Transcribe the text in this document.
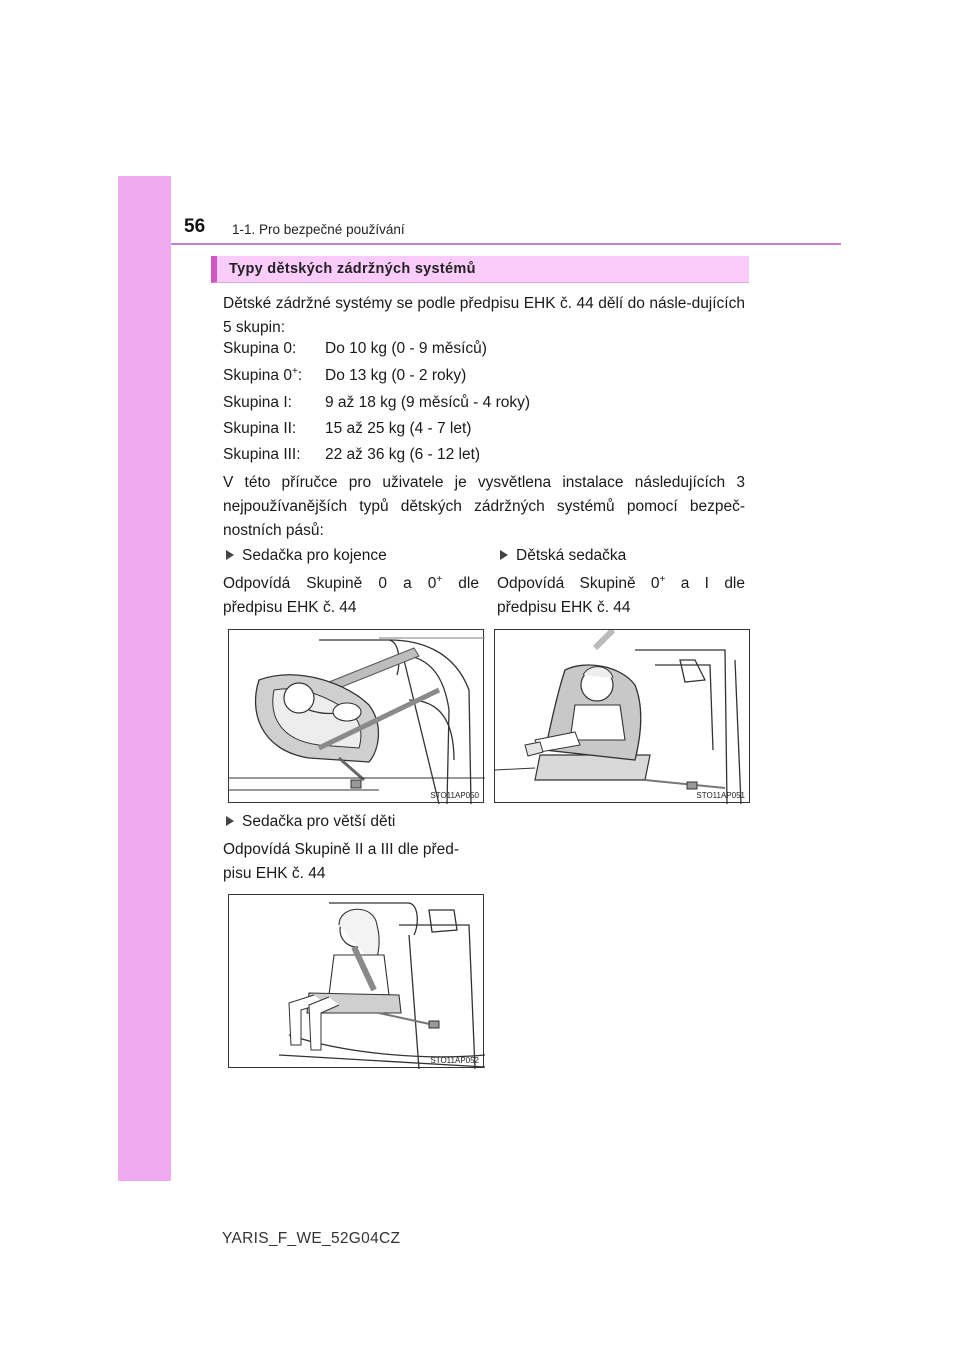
56 1-1. Pro bezpečné používání
Typy dětských zádržných systémů
Dětské zádržné systémy se podle předpisu EHK č. 44 dělí do násle-dujících 5 skupin:
Skupina 0: Do 10 kg (0 - 9 měsíců)
Skupina 0+: Do 13 kg (0 - 2 roky)
Skupina I: 9 až 18 kg (9 měsíců - 4 roky)
Skupina II: 15 až 25 kg (4 - 7 let)
Skupina III: 22 až 36 kg (6 - 12 let)
V této příručce pro uživatele je vysvětlena instalace následujících 3 nejpoužívanějších typů dětských zádržných systémů pomocí bezpeč-nostních pásů:
Sedačka pro kojence
Odpovídá Skupině 0 a 0+ dle
předpisu EHK č. 44
Dětská sedačka
Odpovídá Skupině 0+ a I dle
předpisu EHK č. 44
STO11AP050	STO11AP051
Sedačka pro větší děti
Odpovídá Skupině II a III dle před-
pisu EHK č. 44
STO11AP052
YARIS_F_WE_52G04CZ
